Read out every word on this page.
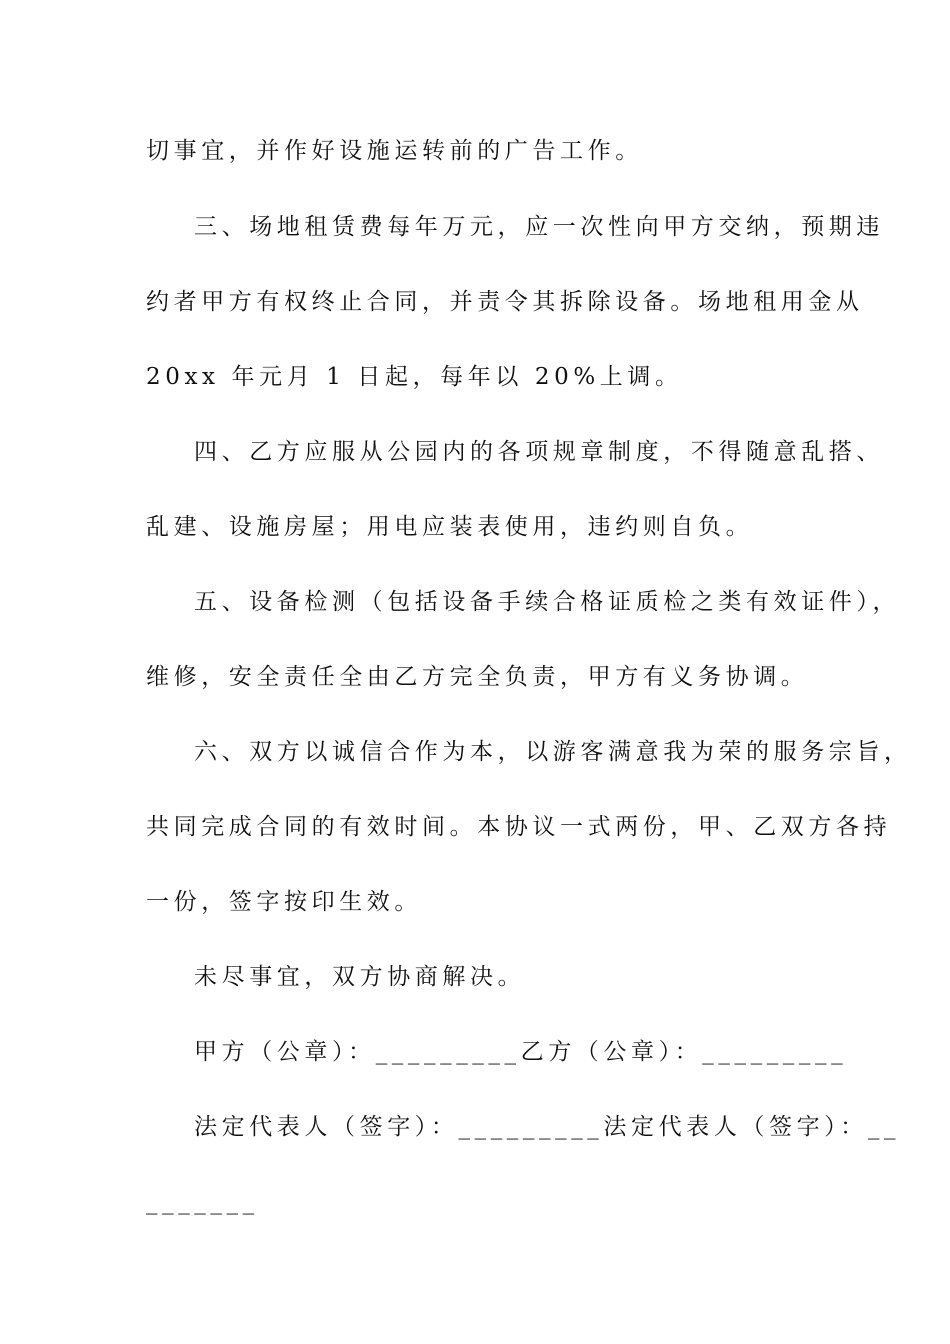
切事宜，并作好设施运转前的广告工作。
三、场地租赁费每年万元，应一次性向甲方交纳，预期违
约者甲方有权终止合同，并责令其拆除设备。场地租用金从
20xx 年元月 1 日起，每年以 20%上调。
四、乙方应服从公园内的各项规章制度，不得随意乱搭、
乱建、设施房屋；用电应装表使用，违约则自负。
五、设备检测（包括设备手续合格证质检之类有效证件），
维修，安全责任全由乙方完全负责，甲方有义务协调。
六、双方以诚信合作为本，以游客满意我为荣的服务宗旨，
共同完成合同的有效时间。本协议一式两份，甲、乙双方各持
一份，签字按印生效。
未尽事宜，双方协商解决。
甲方（公章）：_________乙方（公章）：_________
法定代表人（签字）：_________法定代表人（签字）：__
_______
